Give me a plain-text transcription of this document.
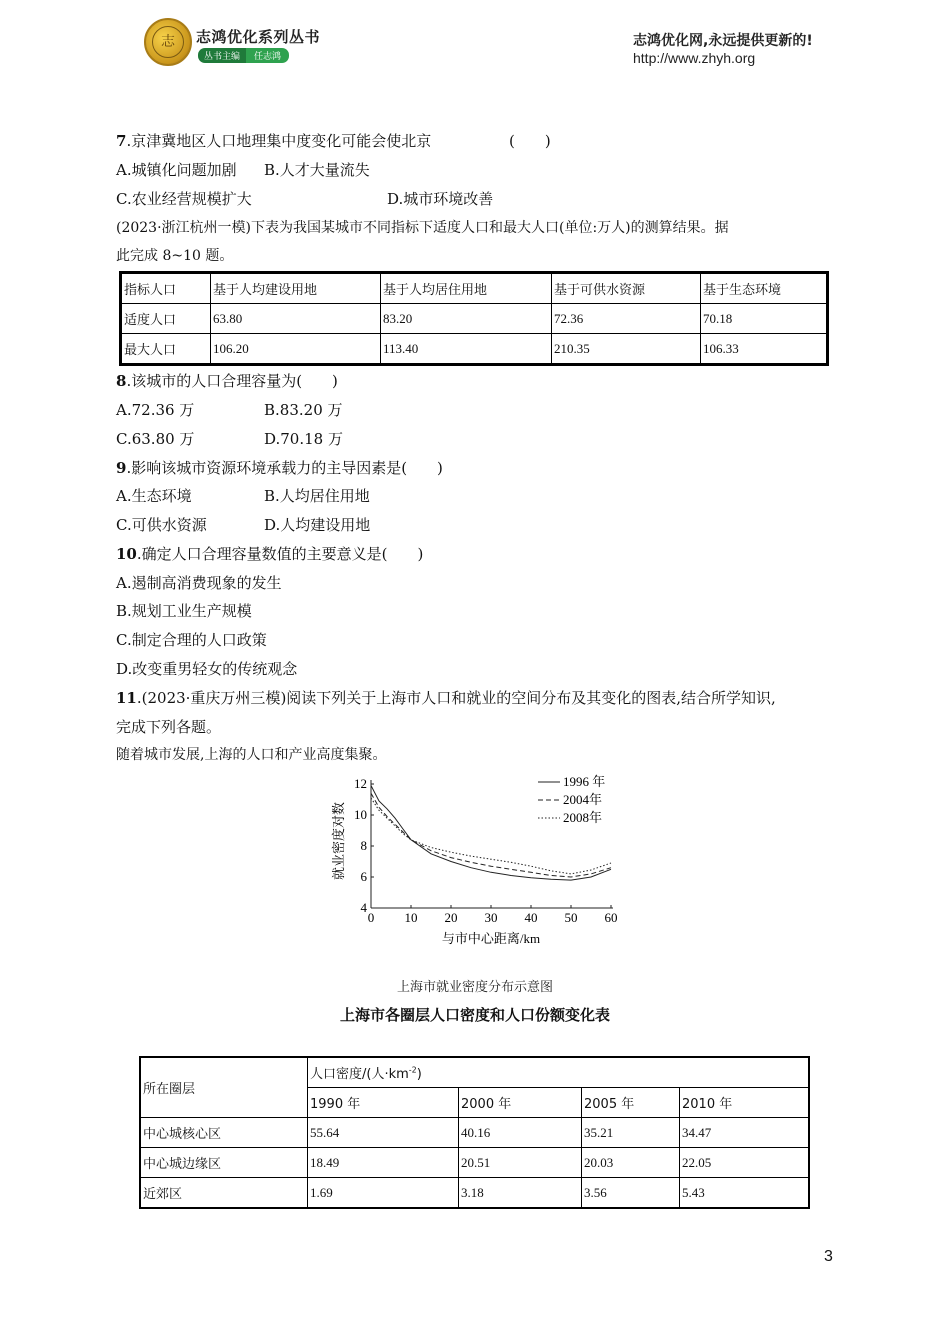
志	志鸿优化系列丛书
丛书主编	任志鸿
志鸿优化网,永远提供更新的!
http://www.zhyh.org
7.京津冀地区人口地理集中度变化可能会使北京	(　　)
A.城镇化问题加剧 B.人才大量流失
C.农业经营规模扩大	D.城市环境改善
(2023·浙江杭州一模)下表为我国某城市不同指标下适度人口和最大人口(单位:万人)的测算结果。据
此完成 8~10 题。
指标人口	基于人均建设用地	基于人均居住用地	基于可供水资源	基于生态环境
适度人口	63.80	83.20	72.36	70.18
最大人口	106.20	113.40	210.35	106.33
8.该城市的人口合理容量为(　　)
A.72.36 万	B.83.20 万
C.63.80 万	D.70.18 万
9.影响该城市资源环境承载力的主导因素是(　　)
A.生态环境	B.人均居住用地
C.可供水资源	D.人均建设用地
10.确定人口合理容量数值的主要意义是(　　)
A.遏制高消费现象的发生
B.规划工业生产规模
C.制定合理的人口政策
D.改变重男轻女的传统观念
11.(2023·重庆万州三模)阅读下列关于上海市人口和就业的空间分布及其变化的图表,结合所学知识,
完成下列各题。
随着城市发展,上海的人口和产业高度集聚。
0 10 20 30 40 50 60
4
6
8
10
12	1996 年
2004年
2008年
与市中心距离/km
就业密度对数
上海市就业密度分布示意图
上海市各圈层人口密度和人口份额变化表
所在圈层	人口密度/(人$\cdot km^{-2}$)			
	1990 年	2000 年	2005 年	2010 年
中心城核心区	55.64	40.16	35.21	34.47
中心城边缘区	18.49	20.51	20.03	22.05
近郊区	1.69	3.18	3.56	5.43
3
